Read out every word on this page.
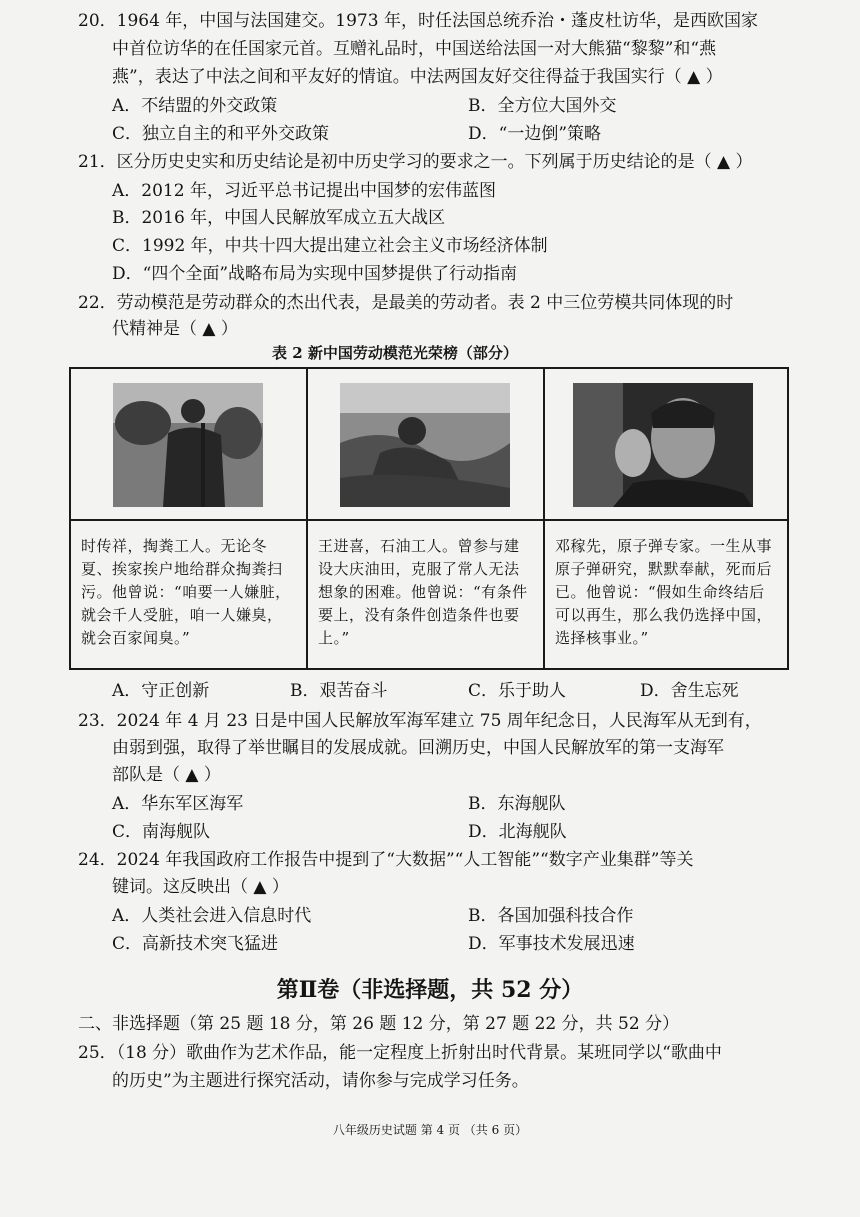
20．1964 年，中国与法国建交。1973 年，时任法国总统乔治・蓬皮杜访华，是西欧国家
中首位访华的在任国家元首。互赠礼品时，中国送给法国一对大熊猫“黎黎”和“燕
燕”，表达了中法之间和平友好的情谊。中法两国友好交往得益于我国实行（ ▲ ）
A．不结盟的外交政策	B．全方位大国外交
C．独立自主的和平外交政策	D．“一边倒”策略
21．区分历史史实和历史结论是初中历史学习的要求之一。下列属于历史结论的是（ ▲ ）
A．2012 年，习近平总书记提出中国梦的宏伟蓝图
B．2016 年，中国人民解放军成立五大战区
C．1992 年，中共十四大提出建立社会主义市场经济体制
D．“四个全面”战略布局为实现中国梦提供了行动指南
22．劳动模范是劳动群众的杰出代表，是最美的劳动者。表 2 中三位劳模共同体现的时
代精神是（ ▲ ）
表 2 新中国劳动模范光荣榜（部分）

时传祥，掏粪工人。无论冬夏、挨家挨户地给群众掏粪扫污。他曾说：“咱要一人嫌脏，就会千人受脏，咱一人嫌臭，就会百家闻臭。”	王进喜，石油工人。曾参与建设大庆油田，克服了常人无法想象的困难。他曾说：“有条件要上，没有条件创造条件也要上。”	邓稼先，原子弹专家。一生从事原子弹研究，默默奉献，死而后已。他曾说：“假如生命终结后可以再生，那么我仍选择中国，选择核事业。”
A．守正创新	B．艰苦奋斗	C．乐于助人	D．舍生忘死
23．2024 年 4 月 23 日是中国人民解放军海军建立 75 周年纪念日，人民海军从无到有，
由弱到强，取得了举世瞩目的发展成就。回溯历史，中国人民解放军的第一支海军
部队是（ ▲ ）
A．华东军区海军	B．东海舰队
C．南海舰队	D．北海舰队
24．2024 年我国政府工作报告中提到了“大数据”“人工智能”“数字产业集群”等关
键词。这反映出（ ▲ ）
A．人类社会进入信息时代	B．各国加强科技合作
C．高新技术突飞猛进	D．军事技术发展迅速
第Ⅱ卷（非选择题，共 52 分）
二、非选择题（第 25 题 18 分，第 26 题 12 分，第 27 题 22 分，共 52 分）
25．（18 分）歌曲作为艺术作品，能一定程度上折射出时代背景。某班同学以“歌曲中
的历史”为主题进行探究活动，请你参与完成学习任务。
八年级历史试题 第 4 页 （共 6 页）
